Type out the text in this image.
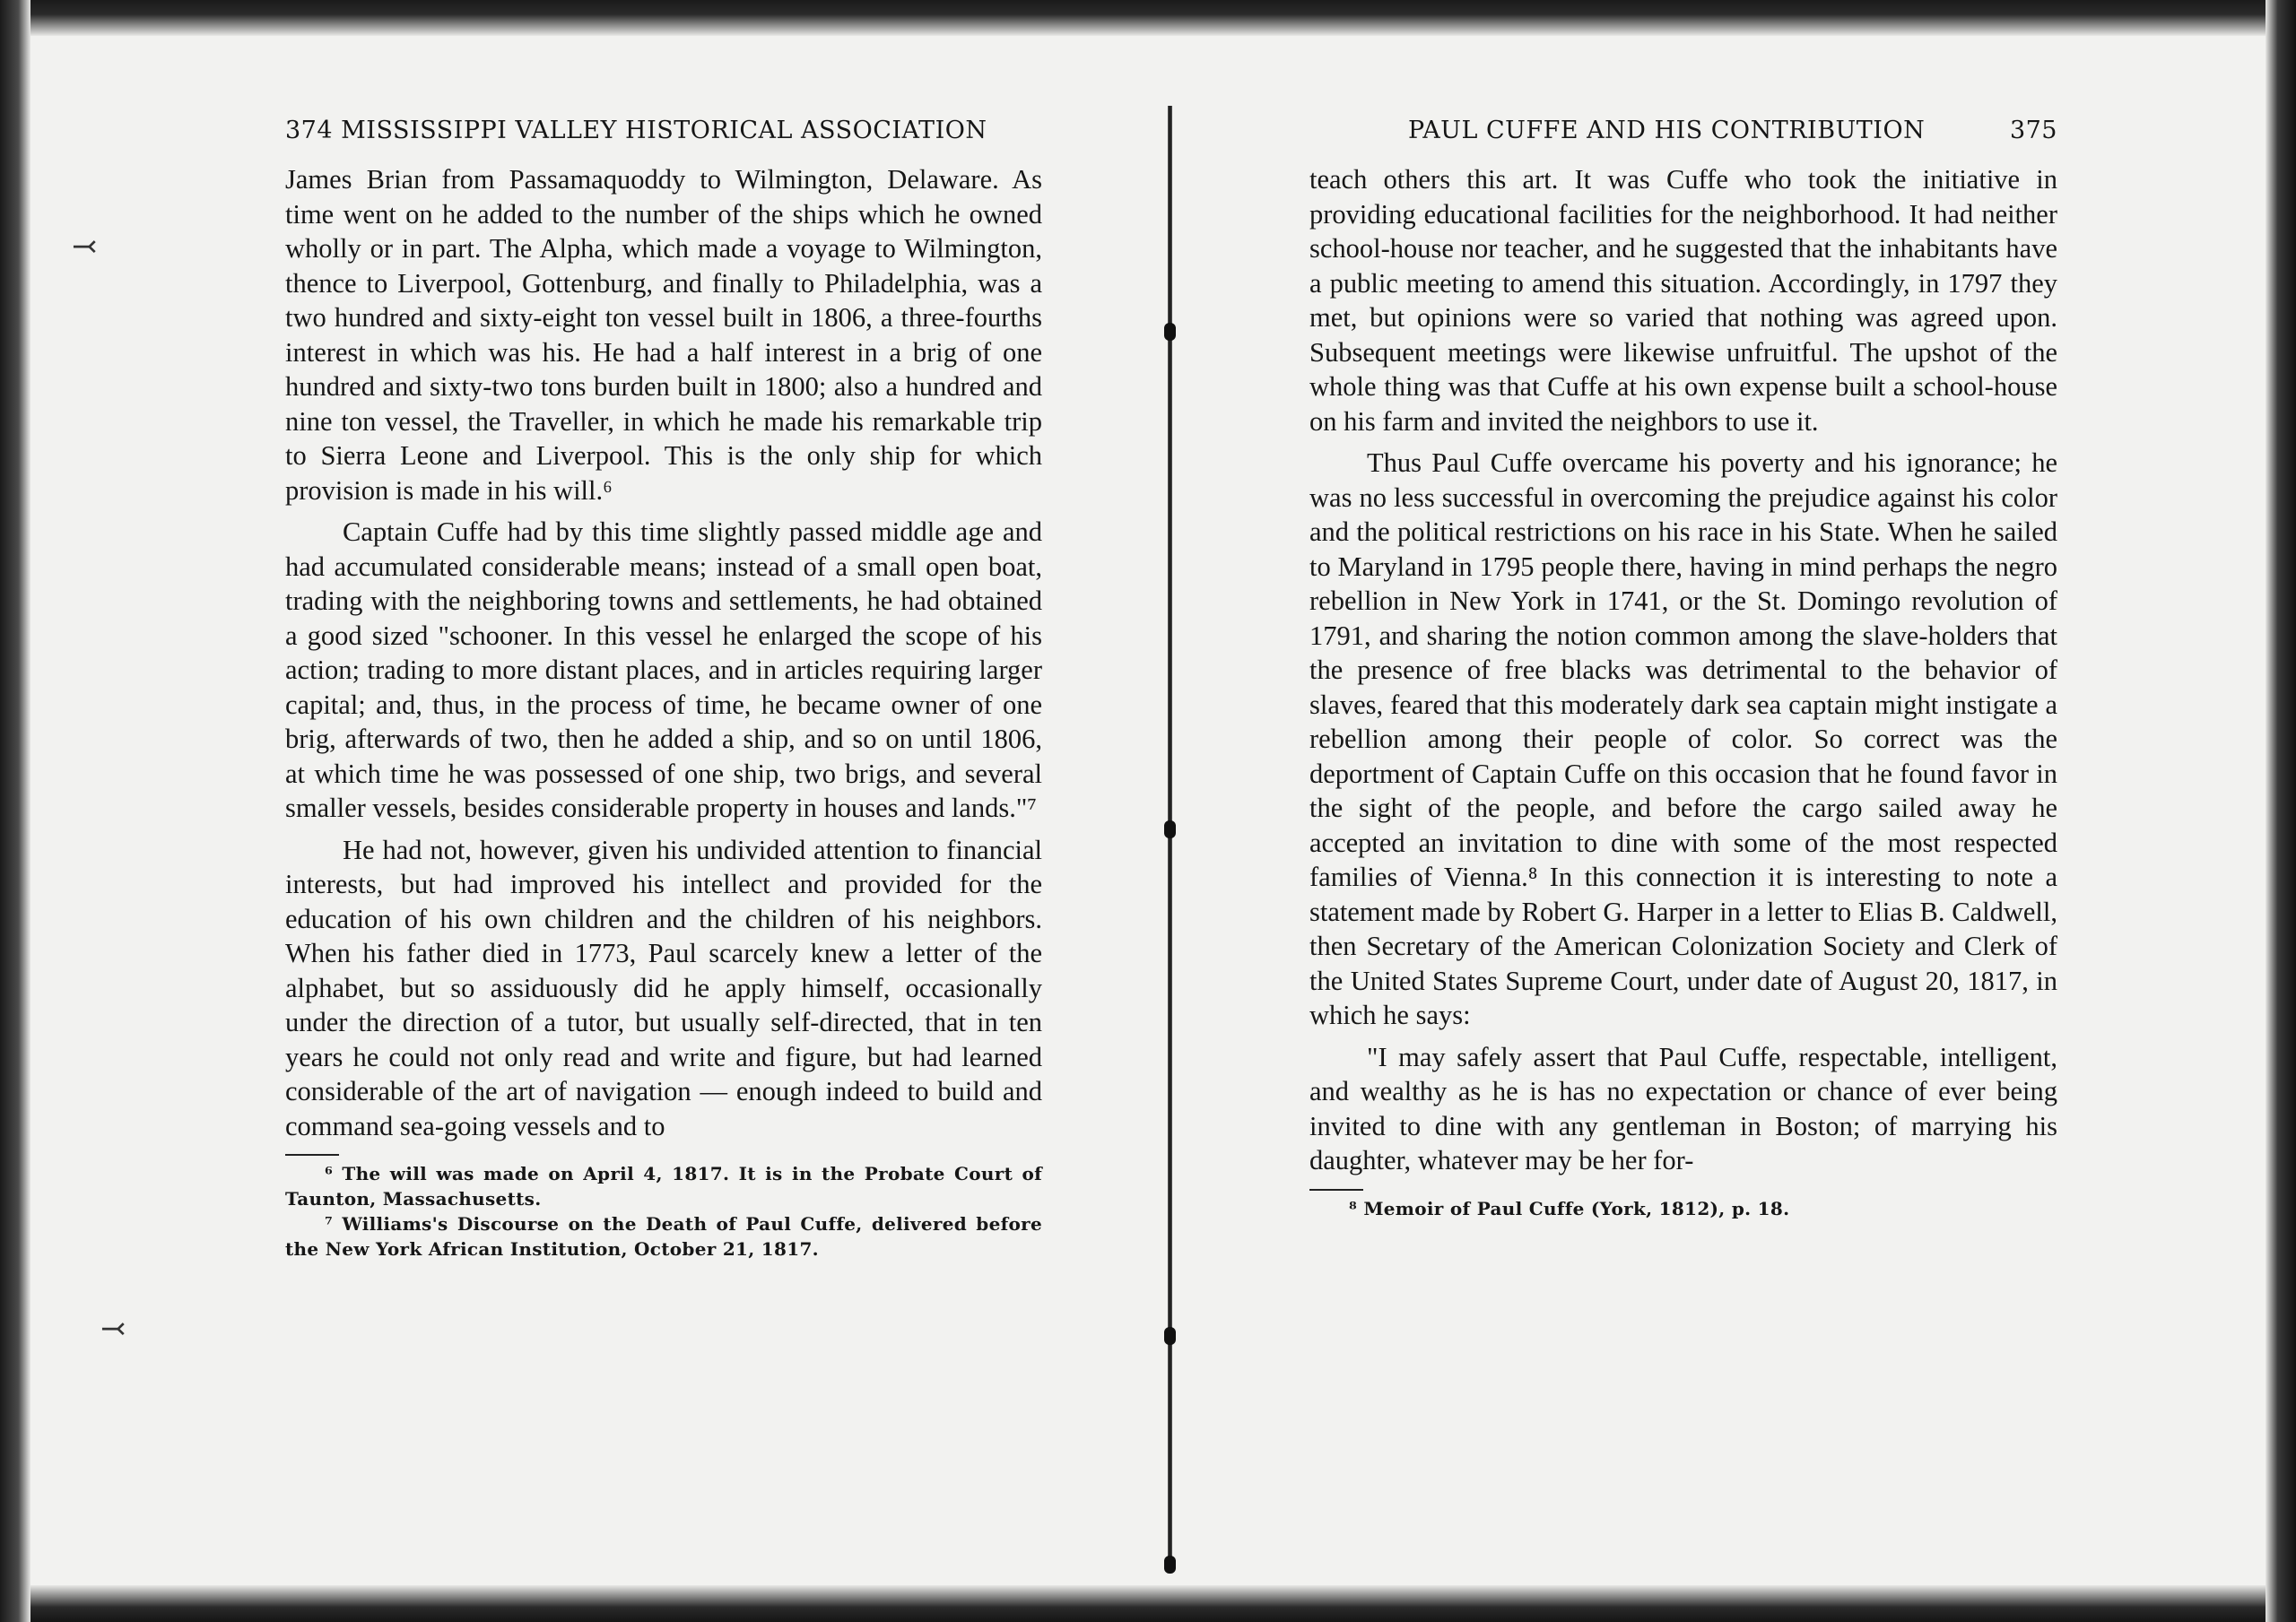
⤙
⤙
374 MISSISSIPPI VALLEY HISTORICAL ASSOCIATION

James Brian from Passamaquoddy to Wilmington, Delaware. As time went on he added to the number of the ships which he owned wholly or in part. The Alpha, which made a voyage to Wilmington, thence to Liverpool, Gottenburg, and finally to Philadelphia, was a two hundred and sixty-eight ton vessel built in 1806, a three-fourths interest in which was his. He had a half interest in a brig of one hundred and sixty-two tons burden built in 1800; also a hundred and nine ton vessel, the Traveller, in which he made his remarkable trip to Sierra Leone and Liverpool. This is the only ship for which provision is made in his will.⁶

Captain Cuffe had by this time slightly passed middle age and had accumulated considerable means; instead of a small open boat, trading with the neighboring towns and settlements, he had obtained a good sized "schooner. In this vessel he enlarged the scope of his action; trading to more distant places, and in articles requiring larger capital; and, thus, in the process of time, he became owner of one brig, afterwards of two, then he added a ship, and so on until 1806, at which time he was possessed of one ship, two brigs, and several smaller vessels, besides considerable property in houses and lands."⁷

He had not, however, given his undivided attention to financial interests, but had improved his intellect and provided for the education of his own children and the children of his neighbors. When his father died in 1773, Paul scarcely knew a letter of the alphabet, but so assiduously did he apply himself, occasionally under the direction of a tutor, but usually self-directed, that in ten years he could not only read and write and figure, but had learned considerable of the art of navigation — enough indeed to build and command sea-going vessels and to

⁶ The will was made on April 4, 1817. It is in the Probate Court of Taunton, Massachusetts.
⁷ Williams's Discourse on the Death of Paul Cuffe, delivered before the New York African Institution, October 21, 1817.
PAUL CUFFE AND HIS CONTRIBUTION	375

teach others this art. It was Cuffe who took the initiative in providing educational facilities for the neighborhood. It had neither school-house nor teacher, and he suggested that the inhabitants have a public meeting to amend this situation. Accordingly, in 1797 they met, but opinions were so varied that nothing was agreed upon. Subsequent meetings were likewise unfruitful. The upshot of the whole thing was that Cuffe at his own expense built a school-house on his farm and invited the neighbors to use it.

Thus Paul Cuffe overcame his poverty and his ignorance; he was no less successful in overcoming the prejudice against his color and the political restrictions on his race in his State. When he sailed to Maryland in 1795 people there, having in mind perhaps the negro rebellion in New York in 1741, or the St. Domingo revolution of 1791, and sharing the notion common among the slave-holders that the presence of free blacks was detrimental to the behavior of slaves, feared that this moderately dark sea captain might instigate a rebellion among their people of color. So correct was the deportment of Captain Cuffe on this occasion that he found favor in the sight of the people, and before the cargo sailed away he accepted an invitation to dine with some of the most respected families of Vienna.⁸ In this connection it is interesting to note a statement made by Robert G. Harper in a letter to Elias B. Caldwell, then Secretary of the American Colonization Society and Clerk of the United States Supreme Court, under date of August 20, 1817, in which he says:

"I may safely assert that Paul Cuffe, respectable, intelligent, and wealthy as he is has no expectation or chance of ever being invited to dine with any gentleman in Boston; of marrying his daughter, whatever may be her for-

⁸ Memoir of Paul Cuffe (York, 1812), p. 18.
